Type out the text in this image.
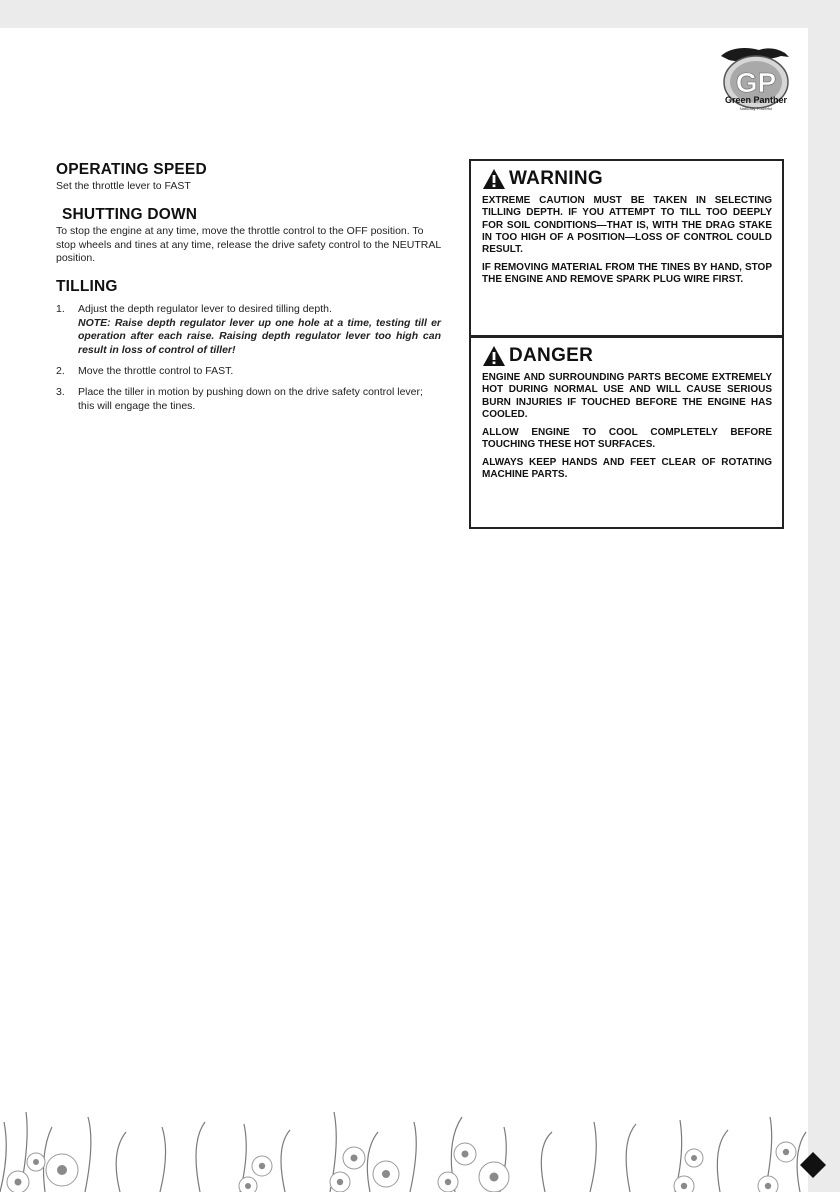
GP
Green Panther
Naturally Powerful
OPERATING SPEED

Set the throttle lever to FAST

SHUTTING DOWN

To stop the engine at any time, move the throttle control to the OFF position. To stop wheels and tines at any time, release the drive safety control to the NEUTRAL position.

TILLING
1. Adjust the depth regulator lever to desired tilling depth.

NOTE: Raise depth regulator lever up one hole at a time, testing till er operation after each raise. Raising depth regulator lever too high can result in loss of control of tiller!

2. Move the throttle control to FAST.
3. Place the tiller in motion by pushing down on the drive safety control lever; this will engage the tines.
WARNING

EXTREME CAUTION MUST BE TAKEN IN SELECTING TILLING DEPTH. IF YOU ATTEMPT TO TILL TOO DEEPLY FOR SOIL CONDITIONS—THAT IS, WITH THE DRAG STAKE IN TOO HIGH OF A POSITION—LOSS OF CONTROL COULD RESULT.

IF REMOVING MATERIAL FROM THE TINES BY HAND, STOP THE ENGINE AND REMOVE SPARK PLUG WIRE FIRST.

DANGER

ENGINE AND SURROUNDING PARTS BECOME EXTREMELY HOT DURING NORMAL USE AND WILL CAUSE SERIOUS BURN INJURIES IF TOUCHED BEFORE THE ENGINE HAS COOLED.

ALLOW ENGINE TO COOL COMPLETELY BEFORE TOUCHING THESE HOT SURFACES.

ALWAYS KEEP HANDS AND FEET CLEAR OF ROTATING MACHINE PARTS.
